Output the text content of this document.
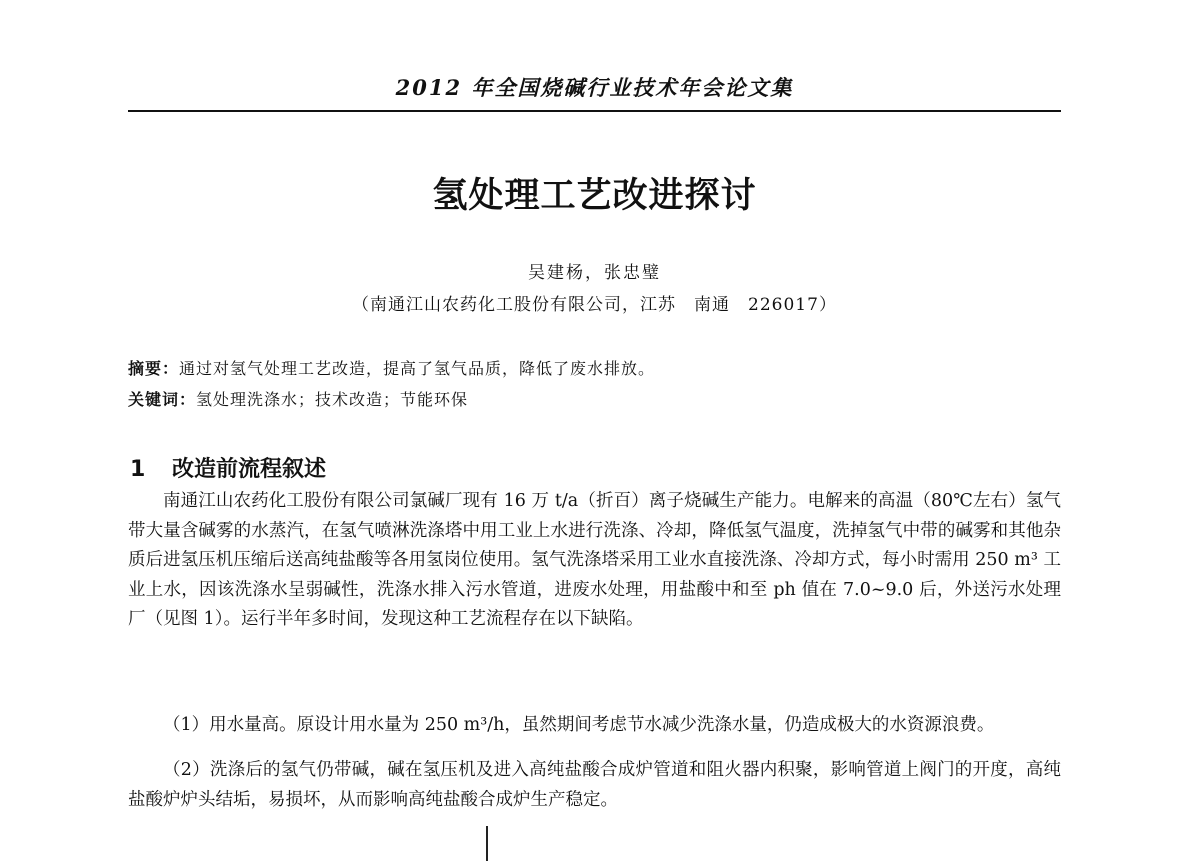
2012 年全国烧碱行业技术年会论文集
氢处理工艺改进探讨
吴建杨，张忠璧
（南通江山农药化工股份有限公司，江苏　南通　226017）
摘要：通过对氢气处理工艺改造，提高了氢气品质，降低了废水排放。
关键词：氢处理洗涤水；技术改造；节能环保
1 改造前流程叙述

南通江山农药化工股份有限公司氯碱厂现有 16 万 t/a（折百）离子烧碱生产能力。电解来的高温（80℃左右）氢气带大量含碱雾的水蒸汽，在氢气喷淋洗涤塔中用工业上水进行洗涤、冷却，降低氢气温度，洗掉氢气中带的碱雾和其他杂质后进氢压机压缩后送高纯盐酸等各用氢岗位使用。氢气洗涤塔采用工业水直接洗涤、冷却方式，每小时需用 250 m³ 工业上水，因该洗涤水呈弱碱性，洗涤水排入污水管道，进废水处理，用盐酸中和至 ph 值在 7.0~9.0 后，外送污水处理厂（见图 1）。运行半年多时间，发现这种工艺流程存在以下缺陷。

（1）用水量高。原设计用水量为 250 m³/h，虽然期间考虑节水减少洗涤水量，仍造成极大的水资源浪费。

（2）洗涤后的氢气仍带碱，碱在氢压机及进入高纯盐酸合成炉管道和阻火器内积聚，影响管道上阀门的开度，高纯盐酸炉炉头结垢，易损坏，从而影响高纯盐酸合成炉生产稳定。
